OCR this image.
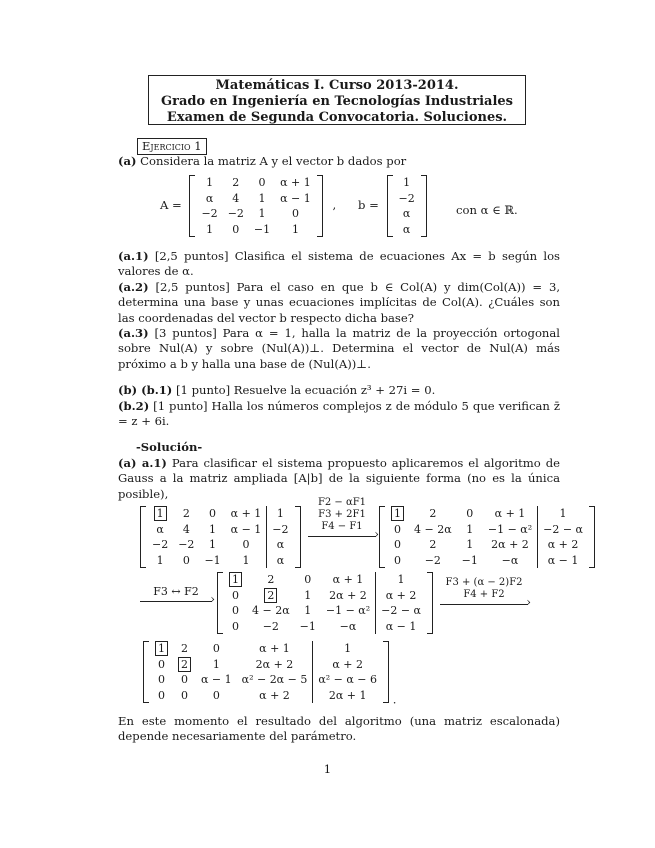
Matemáticas I. Curso 2013-2014.
Grado en Ingeniería en Tecnologías Industriales
Examen de Segunda Convocatoria. Soluciones.
Ejercicio 1
(a) Considera la matriz A y el vector b dados por
A =
1	2	0	α + 1
α	4	1	α − 1
−2	−2	1	0
1	0	−1	1
, b =
1
−2
α
α
con α ∈ ℝ.
(a.1) [2,5 puntos] Clasifica el sistema de ecuaciones Ax = b según los valores de α.
(a.2) [2,5 puntos] Para el caso en que b ∈ Col(A) y dim(Col(A)) = 3, determina una base y unas ecuaciones implícitas de Col(A). ¿Cuáles son las coordenadas del vector b respecto dicha base?
(a.3) [3 puntos] Para α = 1, halla la matriz de la proyección ortogonal sobre Nul(A) y sobre (Nul(A))⊥. Determina el vector de Nul(A) más próximo a b y halla una base de (Nul(A))⊥.
(b) (b.1) [1 punto] Resuelve la ecuación z³ + 27i = 0.
(b.2) [1 punto] Halla los números complejos z de módulo 5 que verifican z̄ = z + 6i.
-Solución-
(a) a.1) Para clasificar el sistema propuesto aplicaremos el algoritmo de Gauss a la matriz ampliada [A|b] de la siguiente forma (no es la única posible),
1	2	0	α + 1	1
α	4	1	α − 1	−2
−2	−2	1	0	α
1	0	−1	1	α
F2 − αF1
F3 + 2F1
F4 − F1
›
1	2	0	α + 1	1
0	4 − 2α	1	−1 − α²	−2 − α
0	2	1	2α + 2	α + 2
0	−2	−1	−α	α − 1
F3 ↔ F2
›
1	2	0	α + 1	1
0	2	1	2α + 2	α + 2
0	4 − 2α	1	−1 − α²	−2 − α
0	−2	−1	−α	α − 1
F3 + (α − 2)F2
F4 + F2
›
1	2	0	α + 1	1
0	2	1	2α + 2	α + 2
0	0	α − 1	α² − 2α − 5	α² − α − 6
0	0	0	α + 2	2α + 1 .
En este momento el resultado del algoritmo (una matriz escalonada) depende necesariamente del parámetro.
1
